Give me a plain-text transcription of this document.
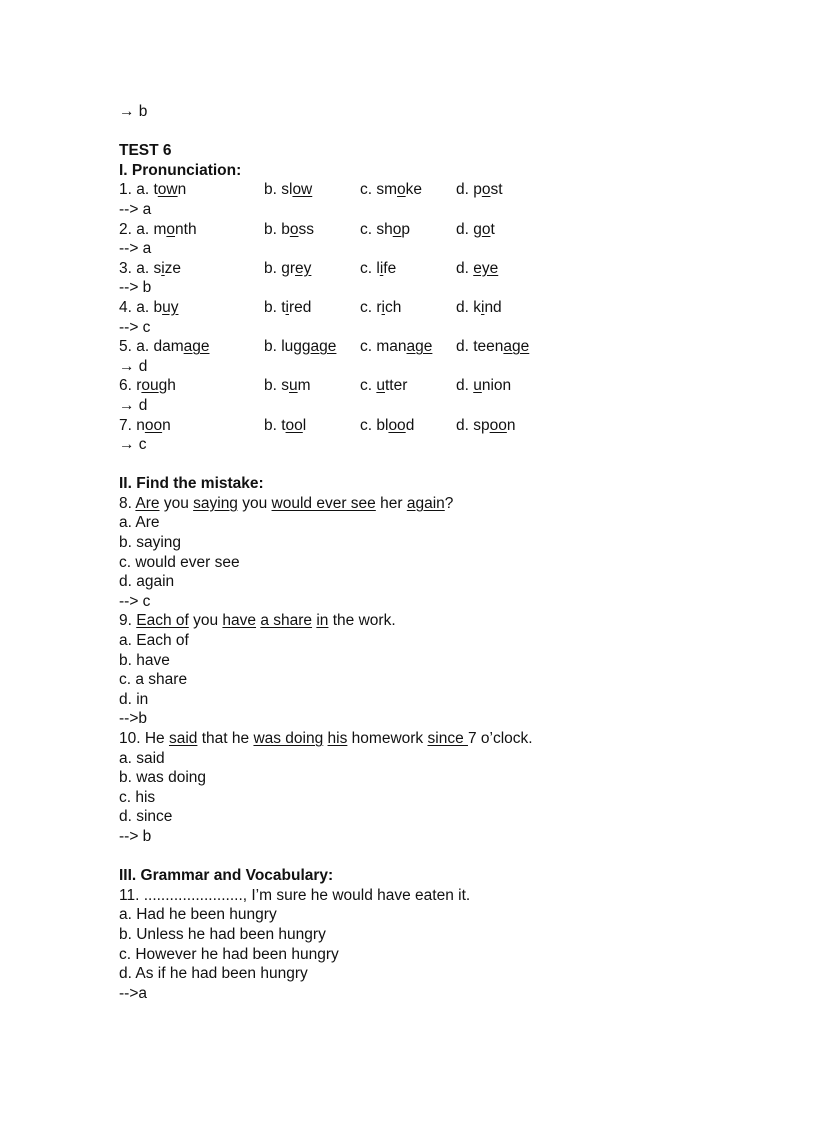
→ b
TEST 6
I. Pronunciation:
1. a. town	b. slow	c. smoke d. post
--> a
2. a. month	b. boss	c. shop	d. got
--> a
3. a. size	b. grey	c. life	d. eye
--> b
4. a. buy	b. tired	c. rich	d. kind
--> c
5. a. damage	b. luggage c. manage d. teenage
→ d
6. rough	b. sum	c. utter	d. union
→ d
7. noon	b. tool	c. blood	d. spoon
→ c
II. Find the mistake:
8. Are you saying you would ever see her again?
a. Are
b. saying
c. would ever see
d. again
--> c
9. Each of you have a share in the work.
a. Each of
b. have
c. a share
d. in
-->b
10. He said that he was doing his homework since 7 o’clock.
a. said
b. was doing
c. his
d. since
--> b
III. Grammar and Vocabulary:
11. ......................., I’m sure he would have eaten it.
a. Had he been hungry
b. Unless he had been hungry
c. However he had been hungry
d. As if he had been hungry
-->a
